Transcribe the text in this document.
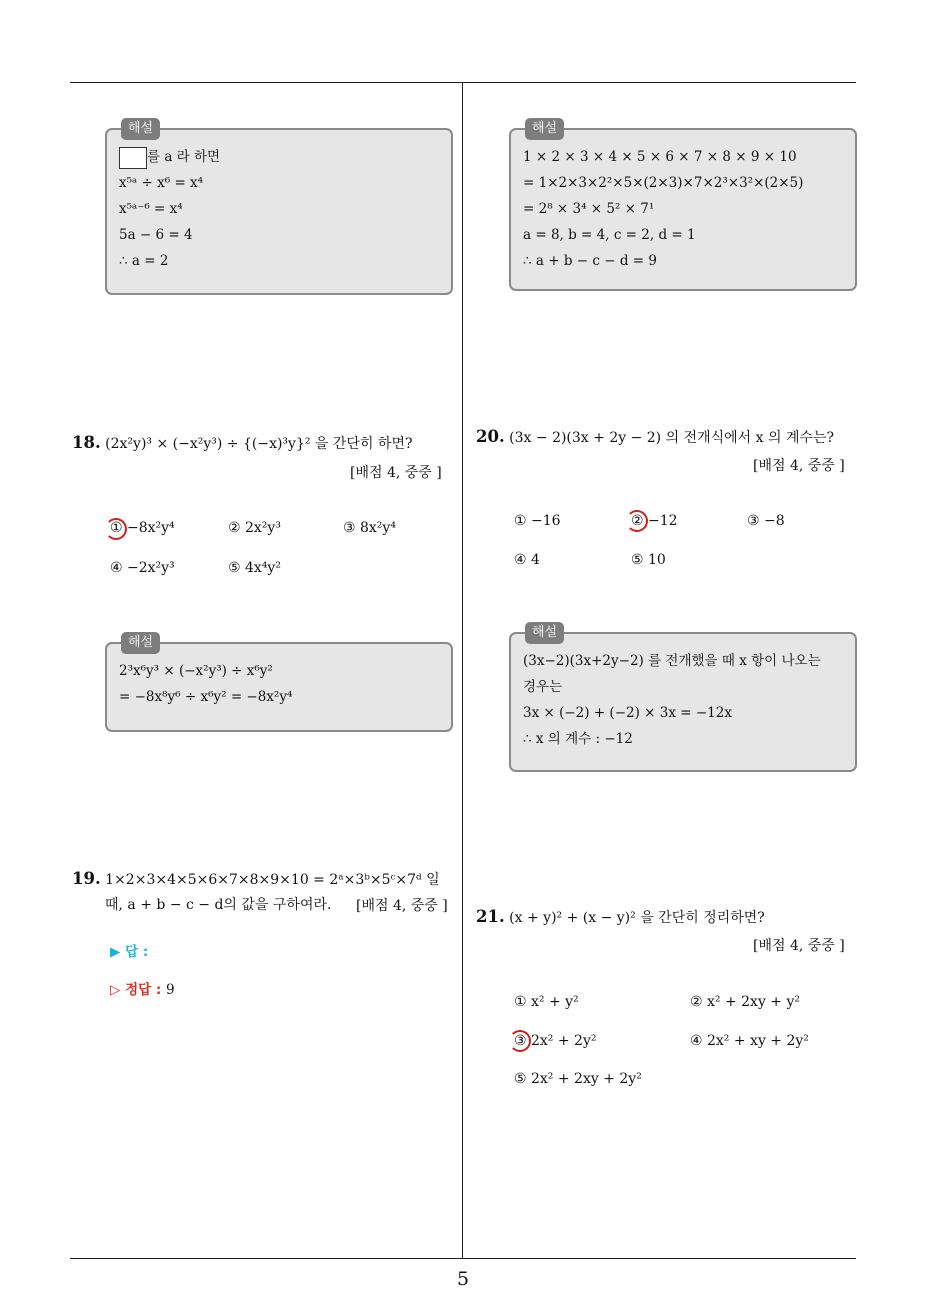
5
해설
를 a 라 하면
x⁵ᵃ ÷ x⁶ = x⁴
x⁵ᵃ⁻⁶ = x⁴
5a − 6 = 4
∴ a = 2
해설
1 × 2 × 3 × 4 × 5 × 6 × 7 × 8 × 9 × 10
= 1×2×3×2²×5×(2×3)×7×2³×3²×(2×5)
= 2⁸ × 3⁴ × 5² × 7¹
a = 8, b = 4, c = 2, d = 1
∴ a + b − c − d = 9
18. (2x²y)³ × (−x²y³) ÷ {(−x)³y}² 을 간단히 하면?
[배점 4, 중중 ]
① −8x²y⁴	② 2x²y³	③ 8x²y⁴
④ −2x²y³	⑤ 4x⁴y²
해설
2³x⁶y³ × (−x²y³) ÷ x⁶y²
= −8x⁸y⁶ ÷ x⁶y² = −8x²y⁴
19. 1×2×3×4×5×6×7×8×9×10 = 2ᵃ×3ᵇ×5ᶜ×7ᵈ 일
때, a + b − c − d의 값을 구하여라. [배점 4, 중중 ]
▶ 답 :
▷ 정답 : 9
20. (3x − 2)(3x + 2y − 2) 의 전개식에서 x 의 계수는?
[배점 4, 중중 ]
① −16	② −12	③ −8
④ 4	⑤ 10
해설
(3x−2)(3x+2y−2) 를 전개했을 때 x 항이 나오는
경우는
3x × (−2) + (−2) × 3x = −12x
∴ x 의 계수 : −12
21. (x + y)² + (x − y)² 을 간단히 정리하면?
[배점 4, 중중 ]
① x² + y²	② x² + 2xy + y²
③ 2x² + 2y²	④ 2x² + xy + 2y²
⑤ 2x² + 2xy + 2y²
